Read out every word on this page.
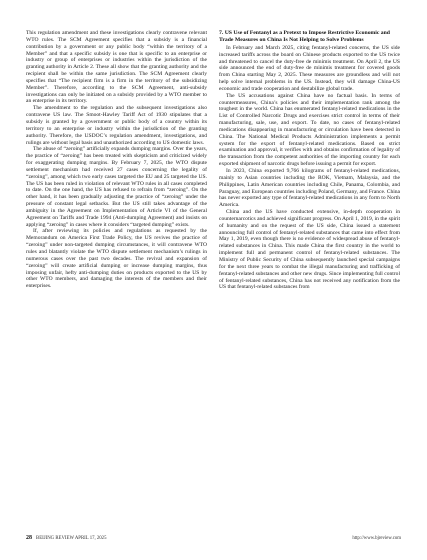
This regulation amendment and these investigations clearly contravene relevant WTO rules. The SCM Agreement specifies that a subsidy is a financial contribution by a government or any public body “within the territory of a Member” and that a specific subsidy is one that is specific to an enterprise or industry or group of enterprises or industries within the jurisdiction of the granting authority in Article 2. These all show that the granting authority and the recipient shall be within the same jurisdiction. The SCM Agreement clearly specifies that “The recipient firm is a firm in the territory of the subsidizing Member”. Therefore, according to the SCM Agreement, anti-subsidy investigations can only be initiated on a subsidy provided by a WTO member to an enterprise in its territory.

The amendment to the regulation and the subsequent investigations also contravene US law. The Smoot-Hawley Tariff Act of 1930 stipulates that a subsidy is granted by a government or public body of a country within its territory to an enterprise or industry within the jurisdiction of the granting authority. Therefore, the USDOC’s regulation amendment, investigations, and rulings are without legal basis and unauthorized according to US domestic laws.

The abuse of “zeroing” artificially expands dumping margins. Over the years, the practice of “zeroing” has been treated with skepticism and criticized widely for exaggerating dumping margins. By February 7, 2025, the WTO dispute settlement mechanism had received 27 cases concerning the legality of “zeroing”, among which two early cases targeted the EU and 25 targeted the US. The US has been ruled in violation of relevant WTO rules in all cases completed to date. On the one hand, the US has refused to refrain from “zeroing”. On the other hand, it has been gradually adjusting the practice of “zeroing” under the pressure of constant legal setbacks. But the US still takes advantage of the ambiguity in the Agreement on Implementation of Article VI of the General Agreement on Tariffs and Trade 1994 (Anti-dumping Agreement) and insists on applying “zeroing” in cases where it considers “targeted dumping” exists.

If, after reviewing its policies and regulations as requested by the Memorandum on America First Trade Policy, the US revives the practice of “zeroing” under non-targeted dumping circumstances, it will contravene WTO rules and blatantly violate the WTO dispute settlement mechanism’s rulings in numerous cases over the past two decades. The revival and expansion of “zeroing” will create artificial dumping or increase dumping margins, thus imposing unfair, hefty anti-dumping duties on products exported to the US by other WTO members, and damaging the interests of the members and their enterprises.

7. US Use of Fentanyl as a Pretext to Impose Restrictive Economic and Trade Measures on China Is Not Helping to Solve Problems

In February and March 2025, citing fentanyl-related concerns, the US side increased tariffs across the board on Chinese products exported to the US twice and threatened to cancel the duty-free de minimis treatment. On April 2, the US side announced the end of duty-free de minimis treatment for covered goods from China starting May 2, 2025. These measures are groundless and will not help solve internal problems in the US. Instead, they will damage China-US economic and trade cooperation and destabilize global trade.

The US accusations against China have no factual basis. In terms of countermeasures, China’s policies and their implementation rank among the toughest in the world. China has enumerated fentanyl-related medications in the List of Controlled Narcotic Drugs and exercises strict control in terms of their manufacturing, sale, use, and export. To date, no cases of fentanyl-related medications disappearing in manufacturing or circulation have been detected in China. The National Medical Products Administration implements a permit system for the export of fentanyl-related medications. Based on strict examination and approval, it verifies with and obtains confirmation of legality of the transaction from the competent authorities of the importing country for each exported shipment of narcotic drugs before issuing a permit for export.

In 2023, China exported 9,766 kilograms of fentanyl-related medications, mainly to Asian countries including the ROK, Vietnam, Malaysia, and the Philippines, Latin American countries including Chile, Panama, Colombia, and Paraguay, and European countries including Poland, Germany, and France. China has never exported any type of fentanyl-related medications in any form to North America.

China and the US have conducted extensive, in-depth cooperation in counternarcotics and achieved significant progress. On April 1, 2019, in the spirit of humanity and on the request of the US side, China issued a statement announcing full control of fentanyl-related substances that came into effect from May 1, 2019, even though there is no evidence of widespread abuse of fentanyl-related substances in China. This made China the first country in the world to implement full and permanent control of fentanyl-related substances. The Ministry of Public Security of China subsequently launched special campaigns for the next three years to combat the illegal manufacturing and trafficking of fentanyl-related substances and other new drugs. Since implementing full control of fentanyl-related substances, China has not received any notification from the US that fentanyl-related substances from

28 BEIJING REVIEW APRIL 17, 2025	http://www.bjreview.com
